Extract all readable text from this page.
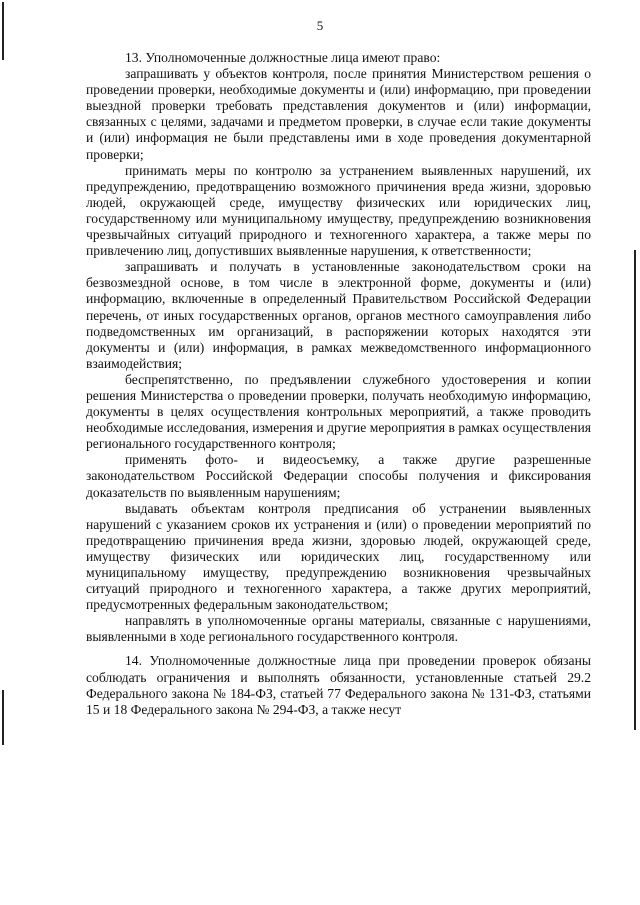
5

13. Уполномоченные должностные лица имеют право:

запрашивать у объектов контроля, после принятия Министерством решения о проведении проверки, необходимые документы и (или) информацию, при проведении выездной проверки требовать представления документов и (или) информации, связанных с целями, задачами и предметом проверки, в случае если такие документы и (или) информация не были представлены ими в ходе проведения документарной проверки;

принимать меры по контролю за устранением выявленных нарушений, их предупреждению, предотвращению возможного причинения вреда жизни, здоровью людей, окружающей среде, имуществу физических или юридических лиц, государственному или муниципальному имуществу, предупреждению возникновения чрезвычайных ситуаций природного и техногенного характера, а также меры по привлечению лиц, допустивших выявленные нарушения, к ответственности;

запрашивать и получать в установленные законодательством сроки на безвозмездной основе, в том числе в электронной форме, документы и (или) информацию, включенные в определенный Правительством Российской Федерации перечень, от иных государственных органов, органов местного самоуправления либо подведомственных им организаций, в распоряжении которых находятся эти документы и (или) информация, в рамках межведомственного информационного взаимодействия;

беспрепятственно, по предъявлении служебного удостоверения и копии решения Министерства о проведении проверки, получать необходимую информацию, документы в целях осуществления контрольных мероприятий, а также проводить необходимые исследования, измерения и другие мероприятия в рамках осуществления регионального государственного контроля;

применять фото- и видеосъемку, а также другие разрешенные законодательством Российской Федерации способы получения и фиксирования доказательств по выявленным нарушениям;

выдавать объектам контроля предписания об устранении выявленных нарушений с указанием сроков их устранения и (или) о проведении мероприятий по предотвращению причинения вреда жизни, здоровью людей, окружающей среде, имуществу физических или юридических лиц, государственному или муниципальному имуществу, предупреждению возникновения чрезвычайных ситуаций природного и техногенного характера, а также других мероприятий, предусмотренных федеральным законодательством;

направлять в уполномоченные органы материалы, связанные с нарушениями, выявленными в ходе регионального государственного контроля.

14. Уполномоченные должностные лица при проведении проверок обязаны соблюдать ограничения и выполнять обязанности, установленные статьей 29.2 Федерального закона № 184-ФЗ, статьей 77 Федерального закона № 131-ФЗ, статьями 15 и 18 Федерального закона № 294-ФЗ, а также несут
